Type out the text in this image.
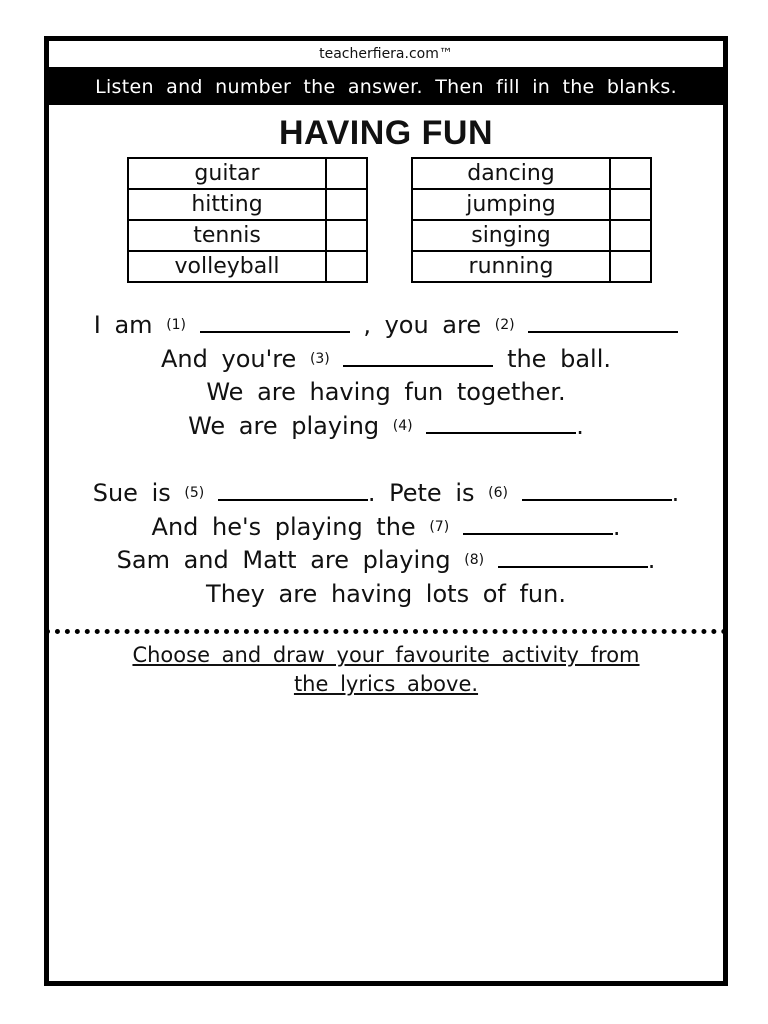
teacherfiera.com™
Listen and number the answer. Then fill in the blanks.
HAVING FUN
guitar	
hitting	
tennis	
volleyball	
dancing	
jumping	
singing	
running	
I am (1)	, you are (2)
And you're (3)	the ball.
We are having fun together.
We are playing (4)	.
Sue is (5)	. Pete is (6)	.
And he's playing the (7)	.
Sam and Matt are playing (8)	.
They are having lots of fun.
Choose and draw your favourite activity from
the lyrics above.
